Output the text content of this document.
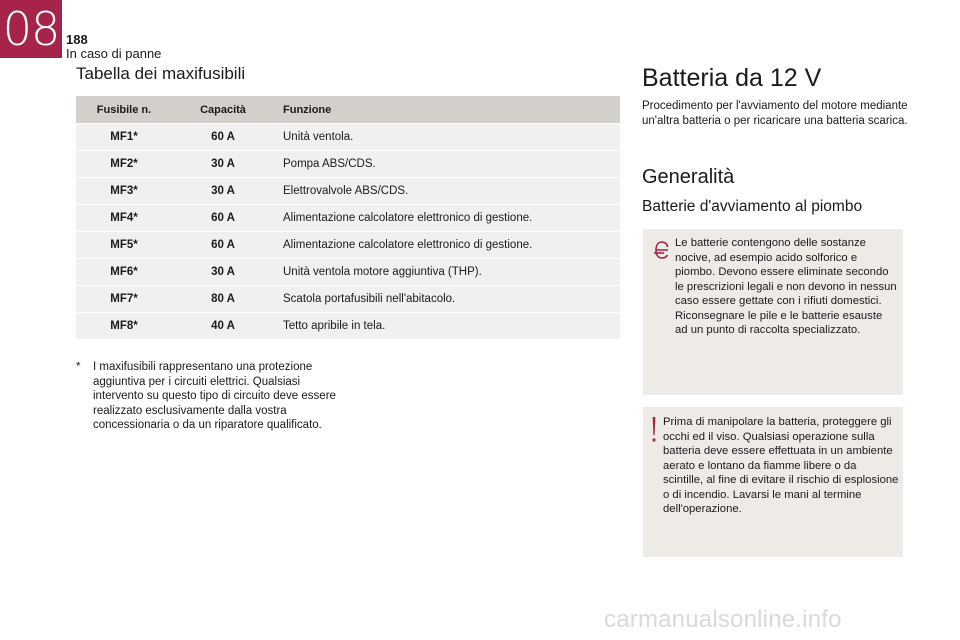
08 188
In caso di panne
Tabella dei maxifusibili
Fusibile n.	Capacità	Funzione
MF1*	60 A	Unità ventola.
MF2*	30 A	Pompa ABS/CDS.
MF3*	30 A	Elettrovalvole ABS/CDS.
MF4*	60 A	Alimentazione calcolatore elettronico di gestione.
MF5*	60 A	Alimentazione calcolatore elettronico di gestione.
MF6*	30 A	Unità ventola motore aggiuntiva (THP).
MF7*	80 A	Scatola portafusibili nell'abitacolo.
MF8*	40 A	Tetto apribile in tela.
*	I maxifusibili rappresentano una protezione aggiuntiva per i circuiti elettrici. Qualsiasi intervento su questo tipo di circuito deve essere realizzato esclusivamente dalla vostra concessionaria o da un riparatore qualificato.
Batteria da 12 V
Procedimento per l'avviamento del motore mediante un'altra batteria o per ricaricare una batteria scarica.
Generalità
Batterie d'avviamento al piombo
Le batterie contengono delle sostanze nocive, ad esempio acido solforico e piombo. Devono essere eliminate secondo le prescrizioni legali e non devono in nessun caso essere gettate con i rifiuti domestici. Riconsegnare le pile e le batterie esauste ad un punto di raccolta specializzato.
Prima di manipolare la batteria, proteggere gli occhi ed il viso. Qualsiasi operazione sulla batteria deve essere effettuata in un ambiente aerato e lontano da fiamme libere o da scintille, al fine di evitare il rischio di esplosione o di incendio. Lavarsi le mani al termine dell'operazione.
carmanualsonline.info
